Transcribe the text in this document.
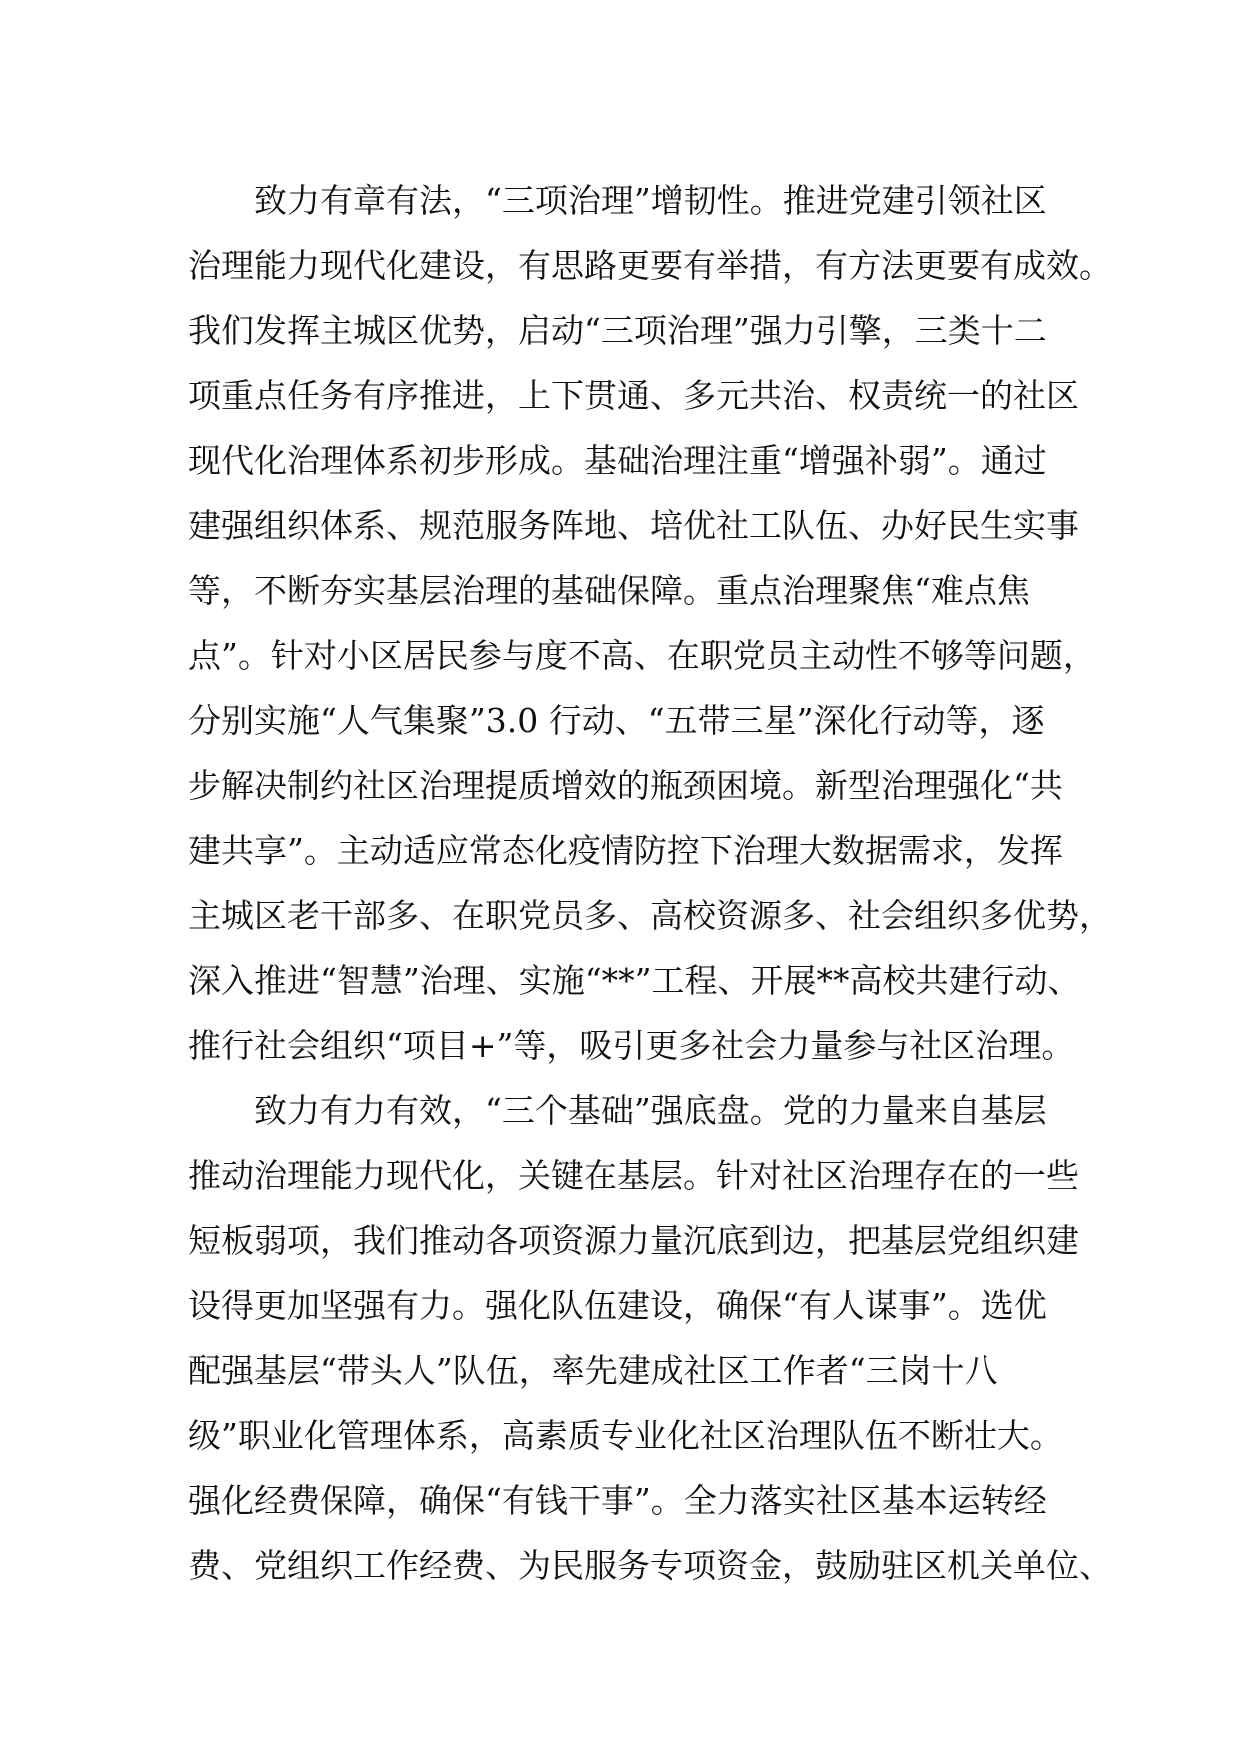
致力有章有法，“三项治理”增韧性。推进党建引领社区
治理能力现代化建设，有思路更要有举措，有方法更要有成效。
我们发挥主城区优势，启动“三项治理”强力引擎，三类十二
项重点任务有序推进，上下贯通、多元共治、权责统一的社区
现代化治理体系初步形成。基础治理注重“增强补弱”。通过
建强组织体系、规范服务阵地、培优社工队伍、办好民生实事
等，不断夯实基层治理的基础保障。重点治理聚焦“难点焦
点”。针对小区居民参与度不高、在职党员主动性不够等问题，
分别实施“人气集聚”3.0 行动、“五带三星”深化行动等，逐
步解决制约社区治理提质增效的瓶颈困境。新型治理强化“共
建共享”。主动适应常态化疫情防控下治理大数据需求，发挥
主城区老干部多、在职党员多、高校资源多、社会组织多优势，
深入推进“智慧”治理、实施“**”工程、开展**高校共建行动、
推行社会组织“项目+”等，吸引更多社会力量参与社区治理。
致力有力有效，“三个基础”强底盘。党的力量来自基层
推动治理能力现代化，关键在基层。针对社区治理存在的一些
短板弱项，我们推动各项资源力量沉底到边，把基层党组织建
设得更加坚强有力。强化队伍建设，确保“有人谋事”。选优
配强基层“带头人”队伍，率先建成社区工作者“三岗十八
级”职业化管理体系，高素质专业化社区治理队伍不断壮大。
强化经费保障，确保“有钱干事”。全力落实社区基本运转经
费、党组织工作经费、为民服务专项资金，鼓励驻区机关单位、
